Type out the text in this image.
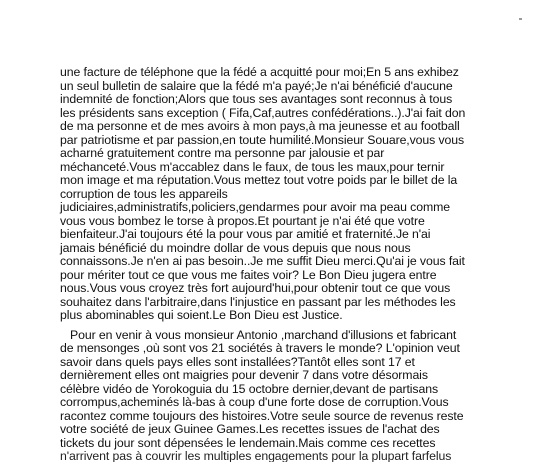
une facture de téléphone que la fédé a acquitté pour moi;En 5 ans exhibez
un seul bulletin de salaire que la fédé m'a payé;Je n'ai bénéficié d'aucune
indemnité de fonction;Alors que tous ses avantages sont reconnus à tous
les présidents sans exception ( Fifa,Caf,autres confédérations..).J'ai fait don
de ma personne et de mes avoirs à mon pays,à ma jeunesse et au football
par patriotisme et par passion,en toute humilité.Monsieur Souare,vous vous
acharné gratuitement contre ma personne par jalousie et par
méchanceté.Vous m'accablez dans le faux, de tous les maux,pour ternir
mon image et ma réputation.Vous mettez tout votre poids par le billet de la
corruption de tous les appareils
judiciaires,administratifs,policiers,gendarmes pour avoir ma peau comme
vous vous bombez le torse à propos.Et pourtant je n'ai été que votre
bienfaiteur.J'ai toujours été la pour vous par amitié et fraternité.Je n'ai
jamais bénéficié du moindre dollar de vous depuis que nous nous
connaissons.Je n'en ai pas besoin..Je me suffit Dieu merci.Qu'ai je vous fait
pour mériter tout ce que vous me faites voir? Le Bon Dieu jugera entre
nous.Vous vous croyez très fort aujourd'hui,pour obtenir tout ce que vous
souhaitez dans l'arbitraire,dans l'injustice en passant par les méthodes les
plus abominables qui soient.Le Bon Dieu est Justice.
Pour en venir à vous monsieur Antonio ,marchand d'illusions et fabricant
de mensonges ,où sont vos 21 sociétés à travers le monde? L'opinion veut
savoir dans quels pays elles sont installées?Tantôt elles sont 17 et
dernièrement elles ont maigries pour devenir 7 dans votre désormais
célèbre vidéo de Yorokoguia du 15 octobre dernier,devant de partisans
corrompus,acheminés là-bas à coup d'une forte dose de corruption.Vous
racontez comme toujours des histoires.Votre seule source de revenus reste
votre société de jeux Guinee Games.Les recettes issues de l'achat des
tickets du jour sont dépensées le lendemain.Mais comme ces recettes
n'arrivent pas à couvrir les multiples engagements pour la plupart farfelus
